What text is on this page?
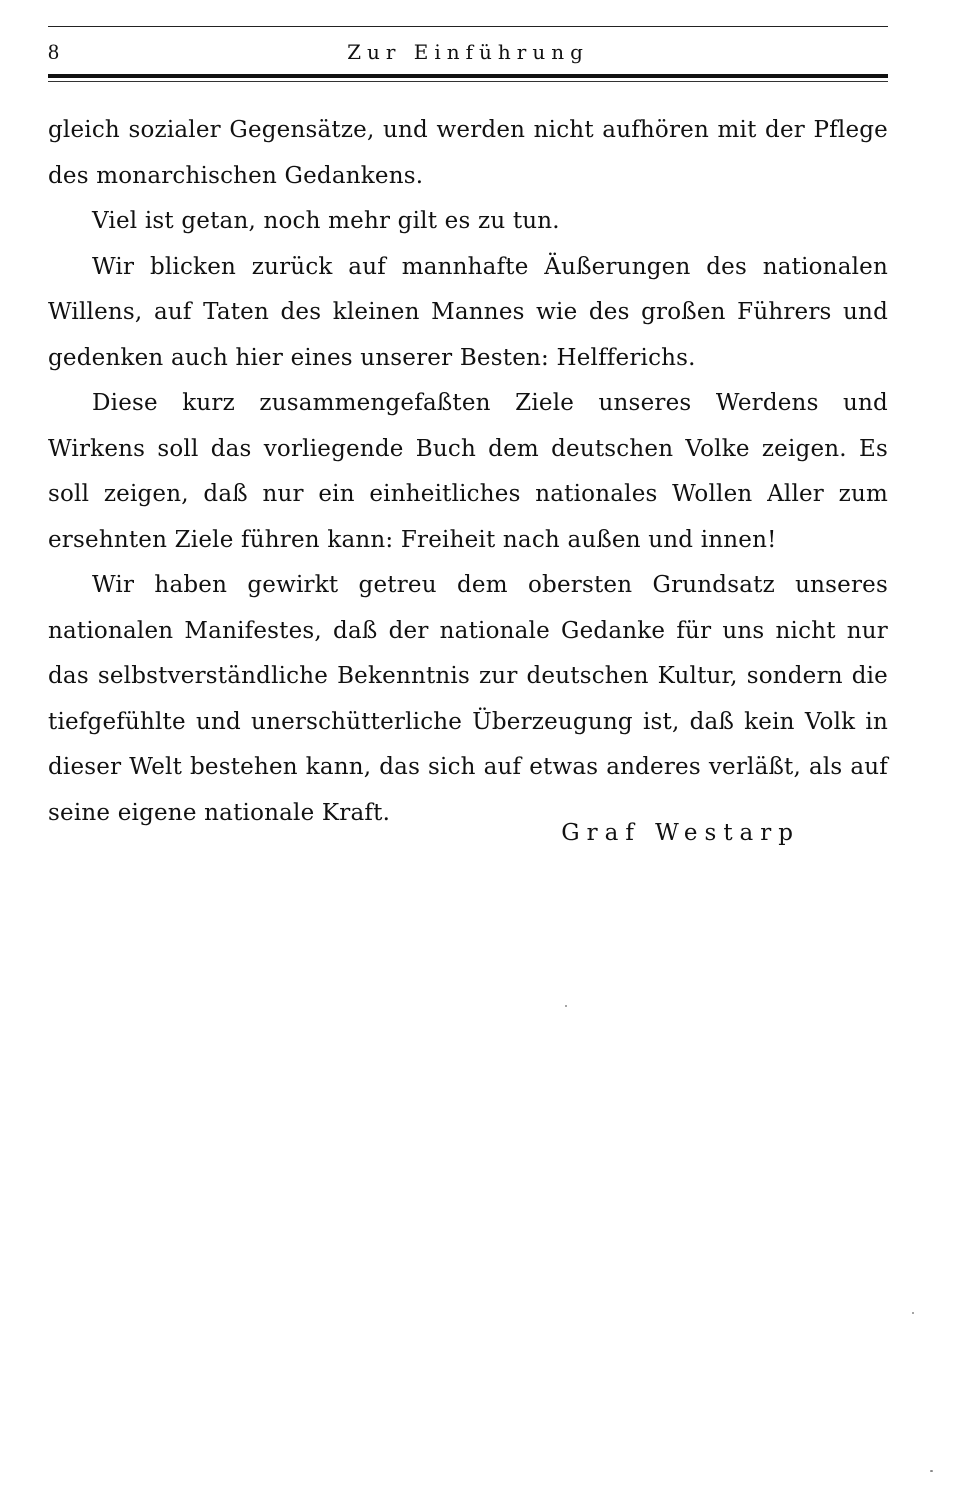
8	Zur Einführung

gleich sozialer Gegensätze, und werden nicht aufhören mit der Pflege des monarchischen Gedankens.

Viel ist getan, noch mehr gilt es zu tun.

Wir blicken zurück auf mannhafte Äußerungen des nationalen Willens, auf Taten des kleinen Mannes wie des großen Führers und gedenken auch hier eines unserer Besten: Helfferichs.

Diese kurz zusammengefaßten Ziele unseres Werdens und Wirkens soll das vorliegende Buch dem deutschen Volke zeigen. Es soll zeigen, daß nur ein einheitliches nationales Wollen Aller zum ersehnten Ziele führen kann: Freiheit nach außen und innen!

Wir haben gewirkt getreu dem obersten Grundsatz unseres nationalen Manifestes, daß der nationale Gedanke für uns nicht nur das selbstverständliche Bekenntnis zur deutschen Kultur, sondern die tiefgefühlte und unerschütterliche Überzeugung ist, daß kein Volk in dieser Welt bestehen kann, das sich auf etwas anderes verläßt, als auf seine eigene nationale Kraft.

Graf Westarp
